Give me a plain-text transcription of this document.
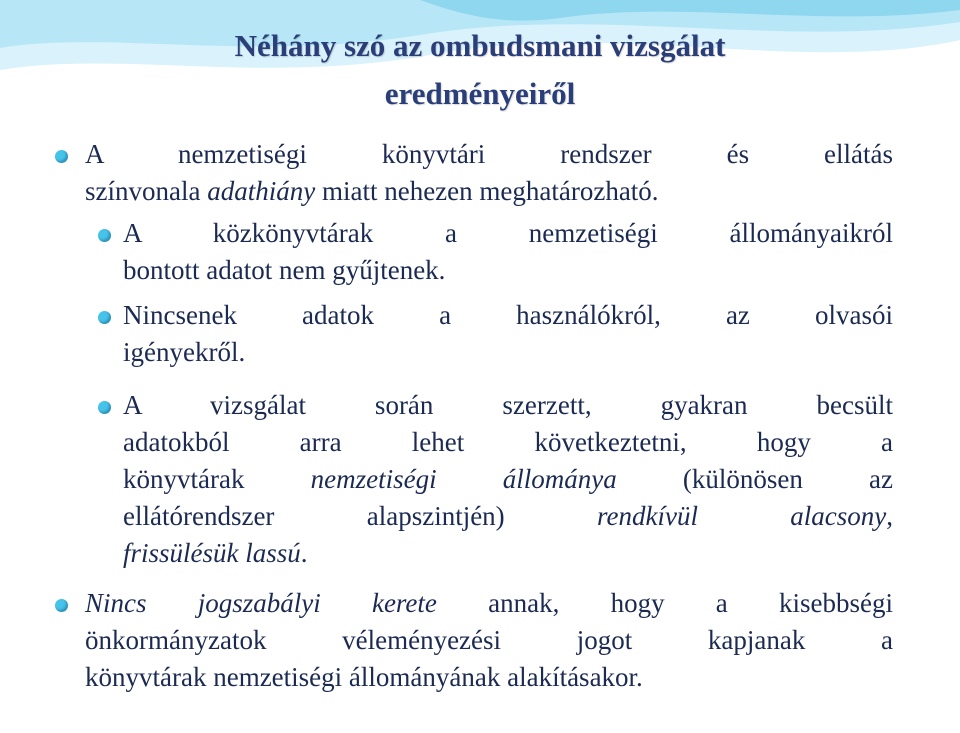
Néhány szó az ombudsmani vizsgálat
eredményeiről
A nemzetiségi könyvtári rendszer és ellátás
színvonala adathiány miatt nehezen meghatározható.
A közkönyvtárak a nemzetiségi állományaikról
bontott adatot nem gyűjtenek.
Nincsenek adatok a használókról, az olvasói
igényekről.
A vizsgálat során szerzett, gyakran becsült
adatokból arra lehet következtetni, hogy a
könyvtárak nemzetiségi állománya (különösen az
ellátórendszer alapszintjén) rendkívül alacsony,
frissülésük lassú.
Nincs jogszabályi kerete annak, hogy a kisebbségi
önkormányzatok véleményezési jogot kapjanak a
könyvtárak nemzetiségi állományának alakításakor.
